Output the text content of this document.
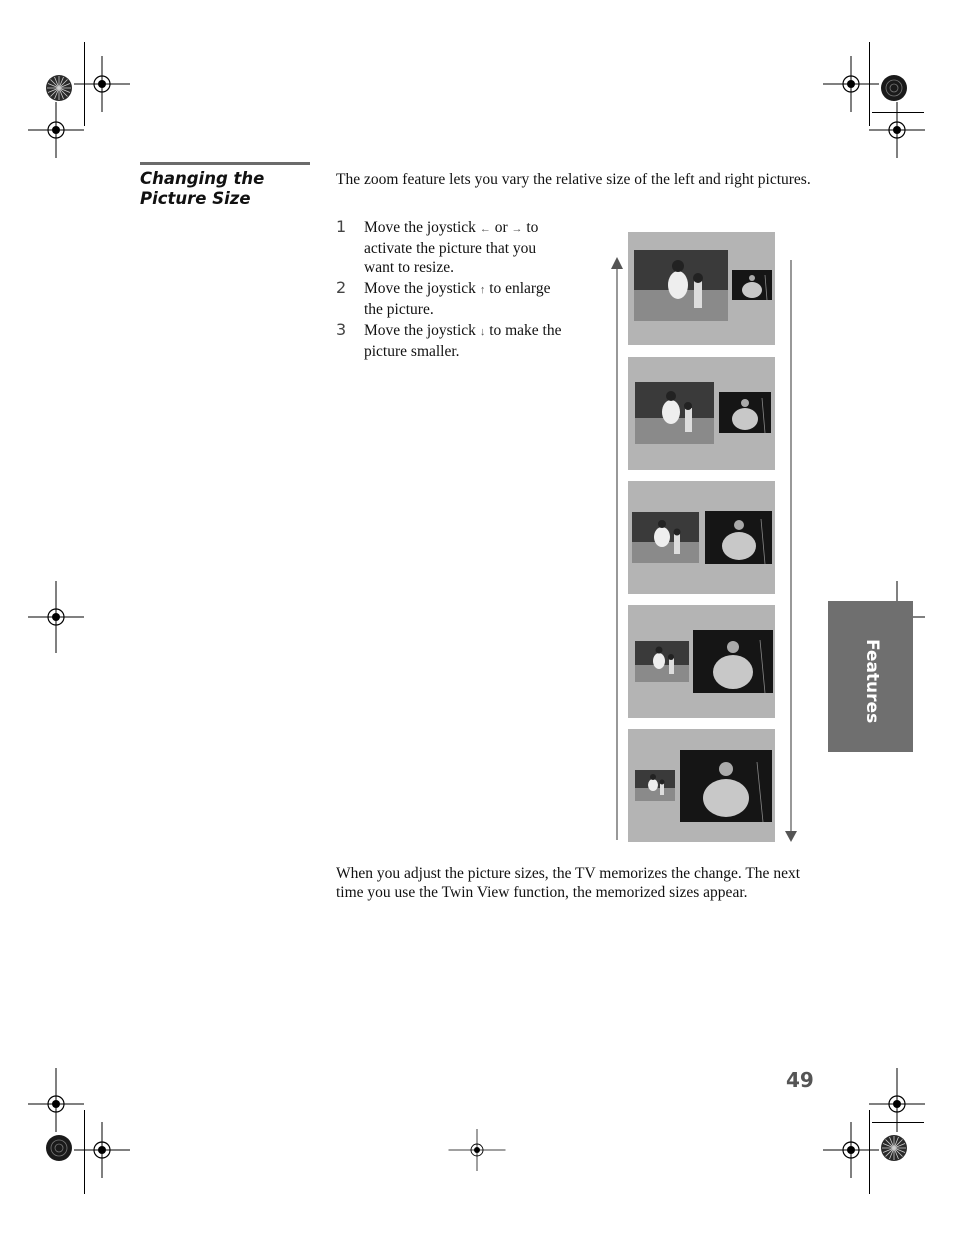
Changing the
Picture Size
The zoom feature lets you vary the relative size of the left and right pictures.
1 Move the joystick ← or → to
activate the picture that you
want to resize.
2 Move the joystick ↑ to enlarge
the picture.
3 Move the joystick ↓ to make the
picture smaller.
When you adjust the picture sizes, the TV memorizes the change. The next time you use the Twin View function, the memorized sizes appear.
Features
49
